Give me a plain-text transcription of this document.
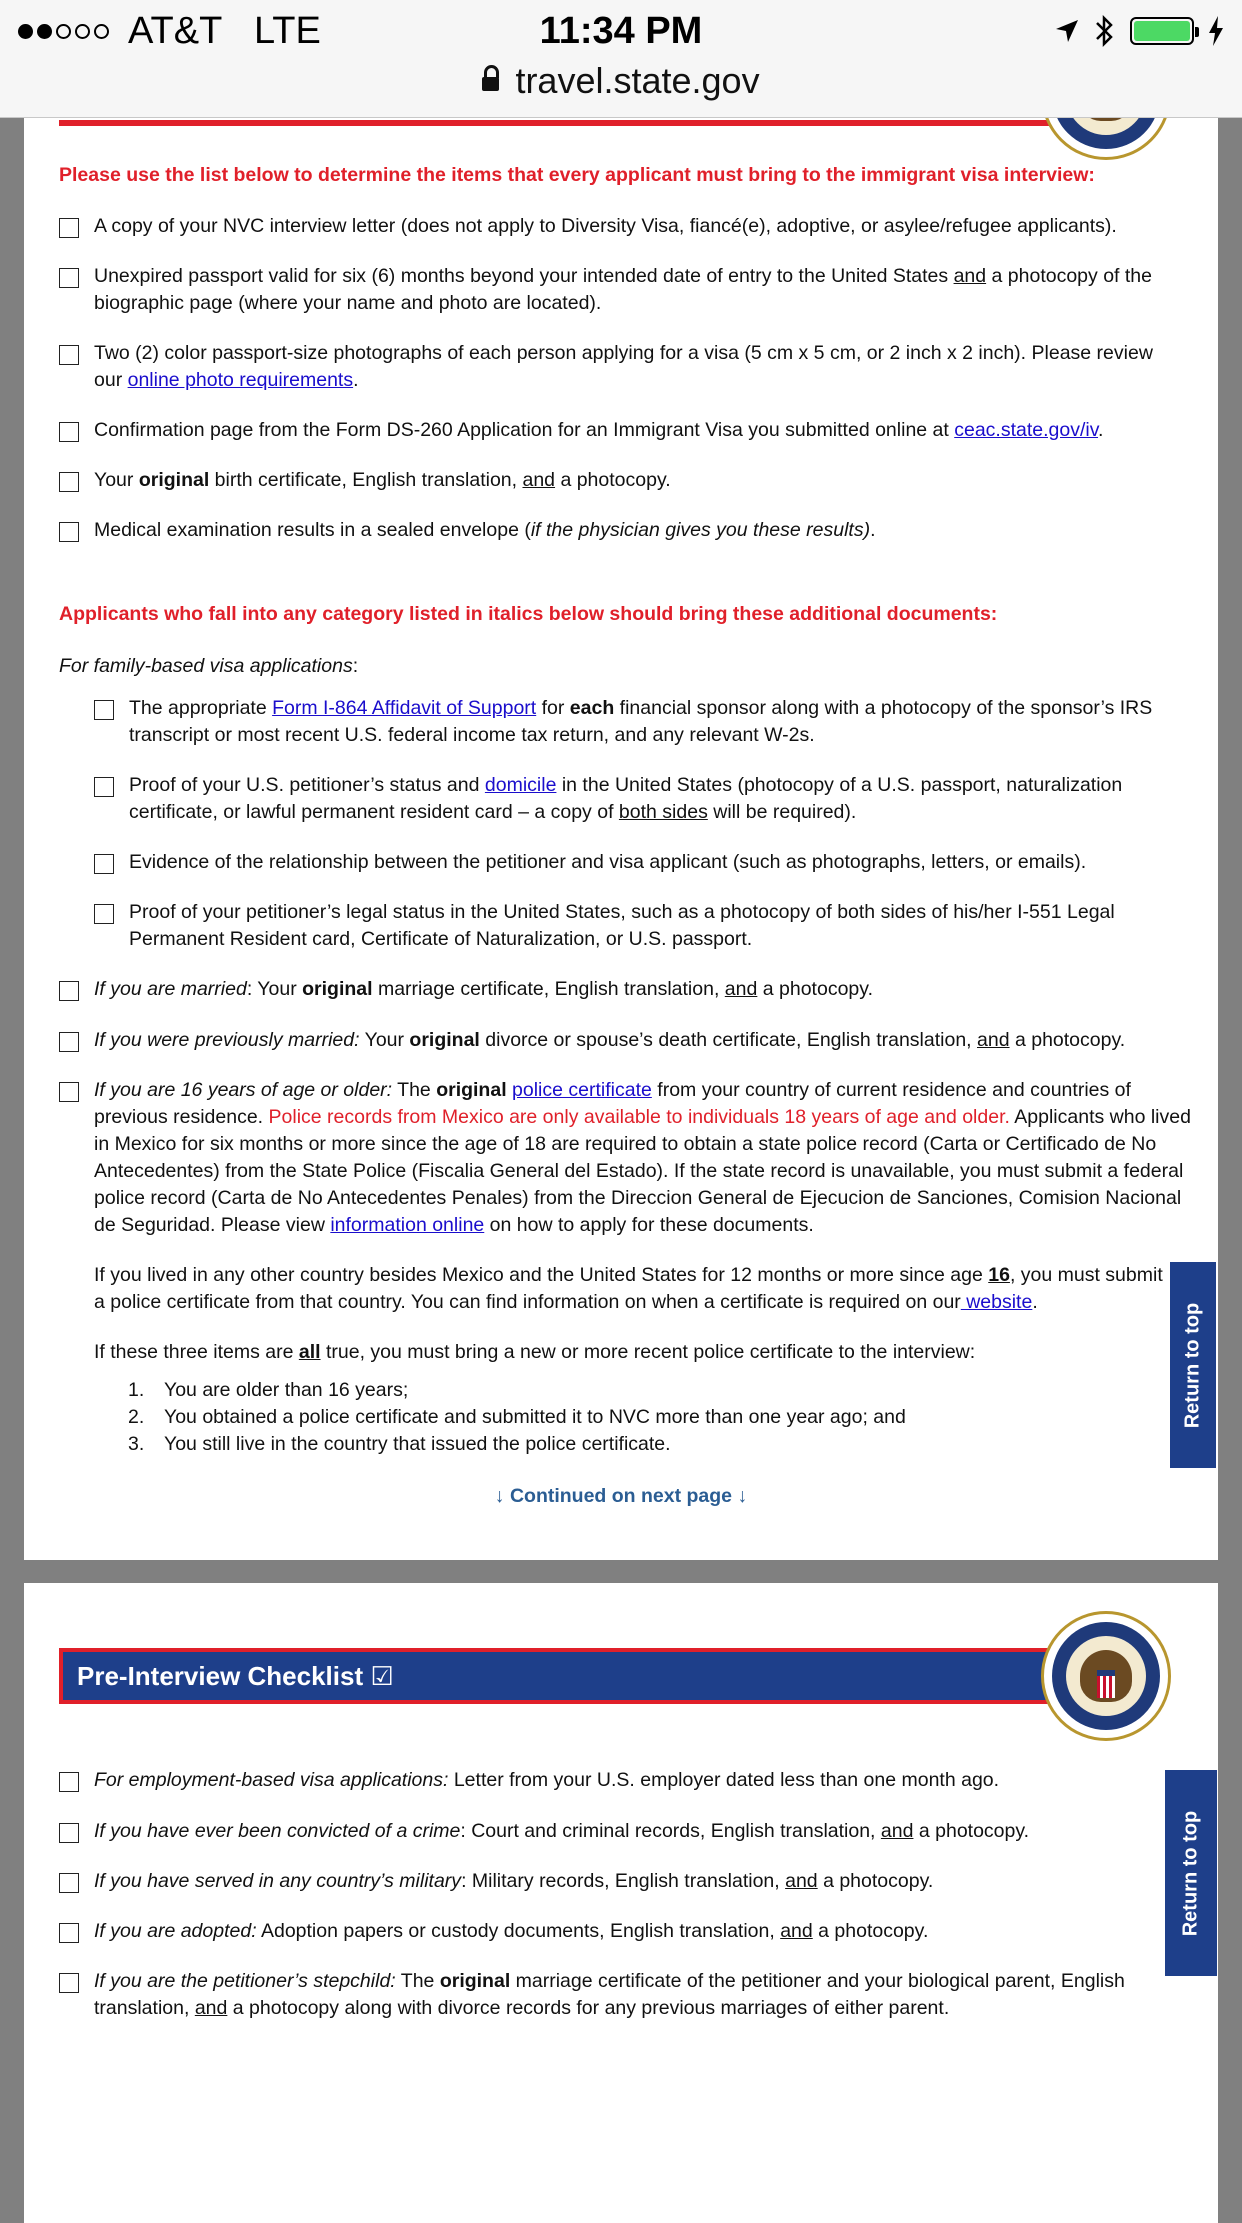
AT&T LTE	11:34 PM
travel.state.gov
Please use the list below to determine the items that every applicant must bring to the immigrant visa interview:
A copy of your NVC interview letter (does not apply to Diversity Visa, fiancé(e), adoptive, or asylee/refugee applicants).
Unexpired passport valid for six (6) months beyond your intended date of entry to the United States and a photocopy of the biographic page (where your name and photo are located).
Two (2) color passport-size photographs of each person applying for a visa (5 cm x 5 cm, or 2 inch x 2 inch). Please review our online photo requirements.
Confirmation page from the Form DS-260 Application for an Immigrant Visa you submitted online at ceac.state.gov/iv.
Your original birth certificate, English translation, and a photocopy.
Medical examination results in a sealed envelope (if the physician gives you these results).
Applicants who fall into any category listed in italics below should bring these additional documents:
For family-based visa applications:
The appropriate Form I-864 Affidavit of Support for each financial sponsor along with a photocopy of the sponsor’s IRS transcript or most recent U.S. federal income tax return, and any relevant W-2s.
Proof of your U.S. petitioner’s status and domicile in the United States (photocopy of a U.S. passport, naturalization certificate, or lawful permanent resident card – a copy of both sides will be required).
Evidence of the relationship between the petitioner and visa applicant (such as photographs, letters, or emails).
Proof of your petitioner’s legal status in the United States, such as a photocopy of both sides of his/her I-551 Legal Permanent Resident card, Certificate of Naturalization, or U.S. passport.
If you are married: Your original marriage certificate, English translation, and a photocopy.
If you were previously married: Your original divorce or spouse’s death certificate, English translation, and a photocopy.
If you are 16 years of age or older: The original police certificate from your country of current residence and countries of previous residence. Police records from Mexico are only available to individuals 18 years of age and older. Applicants who lived in Mexico for six months or more since the age of 18 are required to obtain a state police record (Carta or Certificado de No Antecedentes) from the State Police (Fiscalia General del Estado). If the state record is unavailable, you must submit a federal police record (Carta de No Antecedentes Penales) from the Direccion General de Ejecucion de Sanciones, Comision Nacional de Seguridad. Please view information online on how to apply for these documents.
If you lived in any other country besides Mexico and the United States for 12 months or more since age 16, you must submit a police certificate from that country. You can find information on when a certificate is required on our website.
If these three items are all true, you must bring a new or more recent police certificate to the interview:
1. You are older than 16 years;
2. You obtained a police certificate and submitted it to NVC more than one year ago; and
3. You still live in the country that issued the police certificate.
↓ Continued on next page ↓
Return to top
Pre-Interview Checklist ☑
For employment-based visa applications: Letter from your U.S. employer dated less than one month ago.
If you have ever been convicted of a crime: Court and criminal records, English translation, and a photocopy.
If you have served in any country’s military: Military records, English translation, and a photocopy.
If you are adopted: Adoption papers or custody documents, English translation, and a photocopy.
If you are the petitioner’s stepchild: The original marriage certificate of the petitioner and your biological parent, English translation, and a photocopy along with divorce records for any previous marriages of either parent.
Return to top
